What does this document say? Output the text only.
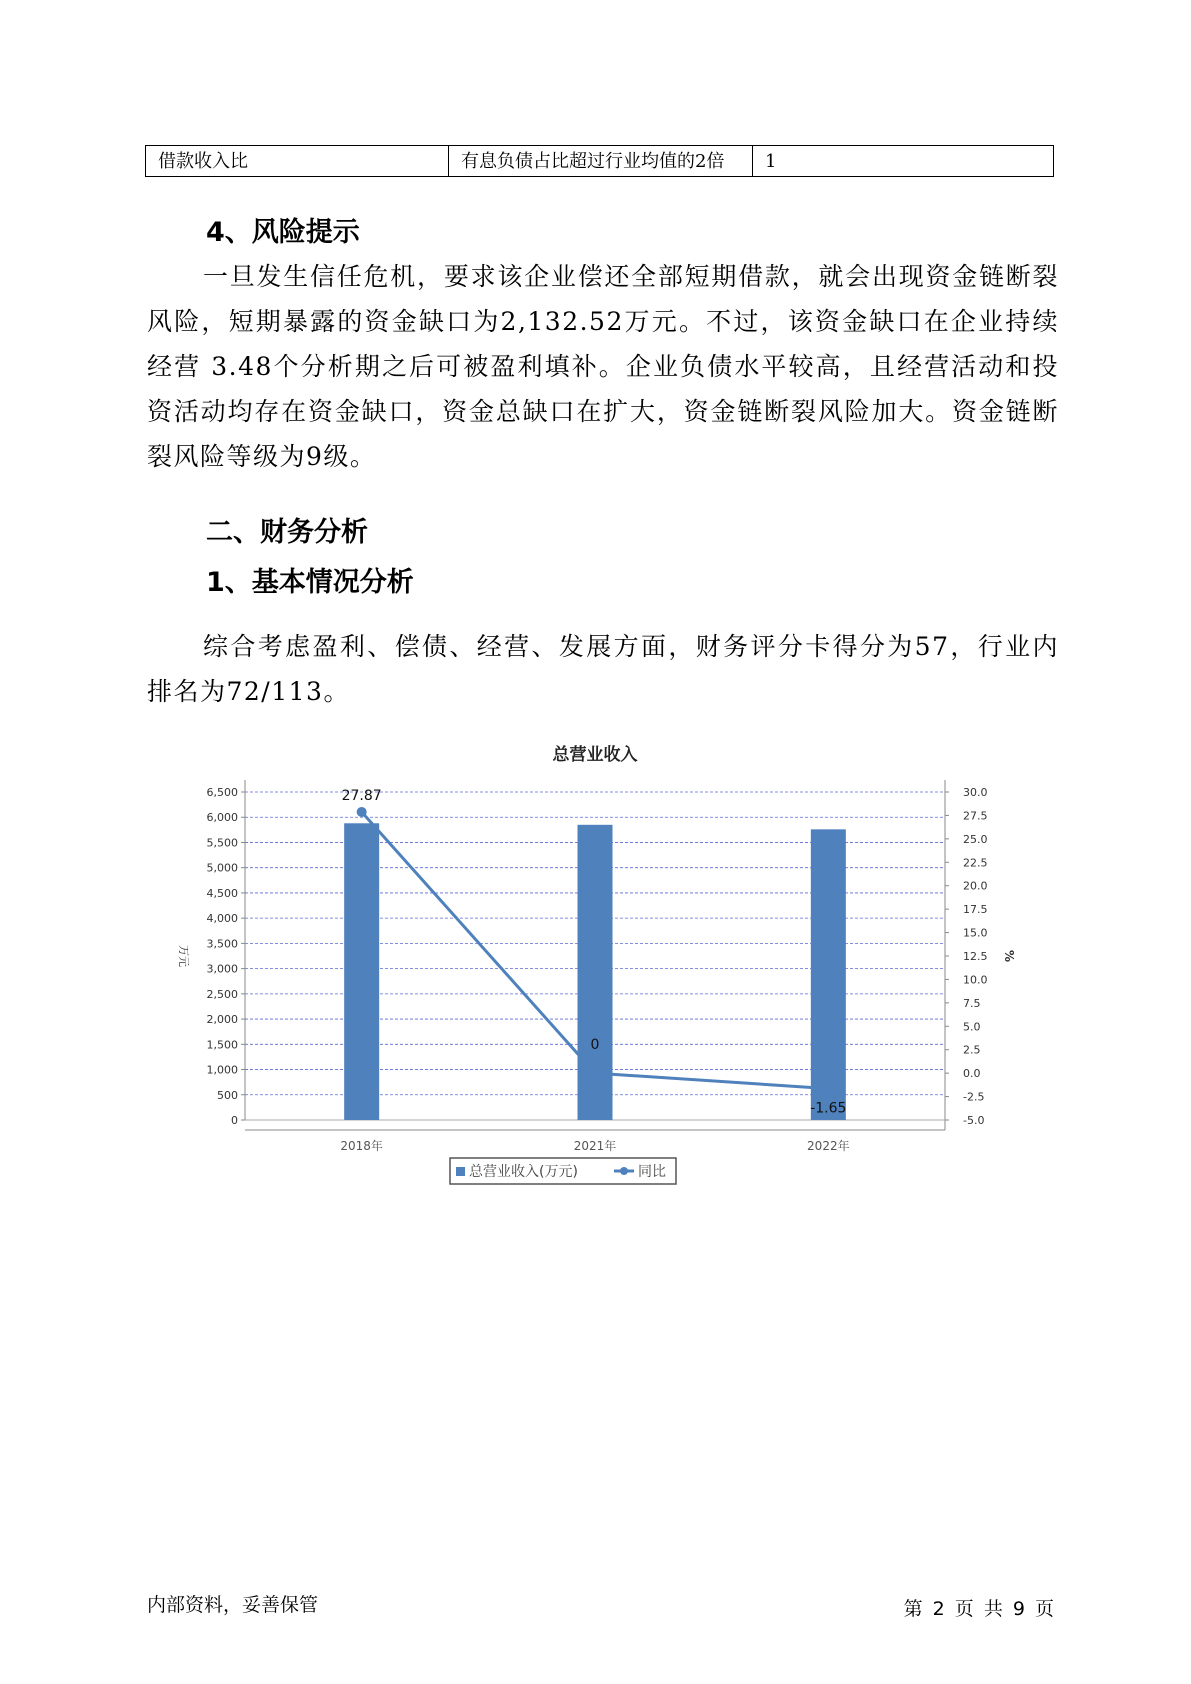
借款收入比	有息负债占比超过行业均值的2倍	1
4、风险提示

一旦发生信任危机，要求该企业偿还全部短期借款，就会出现资金链断裂风险，短期暴露的资金缺口为2,132.52万元。不过，该资金缺口在企业持续经营 3.48个分析期之后可被盈利填补。企业负债水平较高，且经营活动和投资活动均存在资金缺口，资金总缺口在扩大，资金链断裂风险加大。资金链断裂风险等级为9级。

二、财务分析
1、基本情况分析

综合考虑盈利、偿债、经营、发展方面，财务评分卡得分为57，行业内排名为72/113。

总营业收入
0
500
1,000
1,500
2,000
2,500
3,000
3,500
4,000
4,500
5,000
5,500
6,000
6,500
-5.0
-2.5
0.0
2.5
5.0
7.5
10.0
12.5
15.0
17.5
20.0
22.5
25.0
27.5
30.0
万元	%
2018年	2021年	2022年
27.87
0
-1.65
总营业收入(万元)	同比
内部资料，妥善保管	第 2 页 共 9 页
